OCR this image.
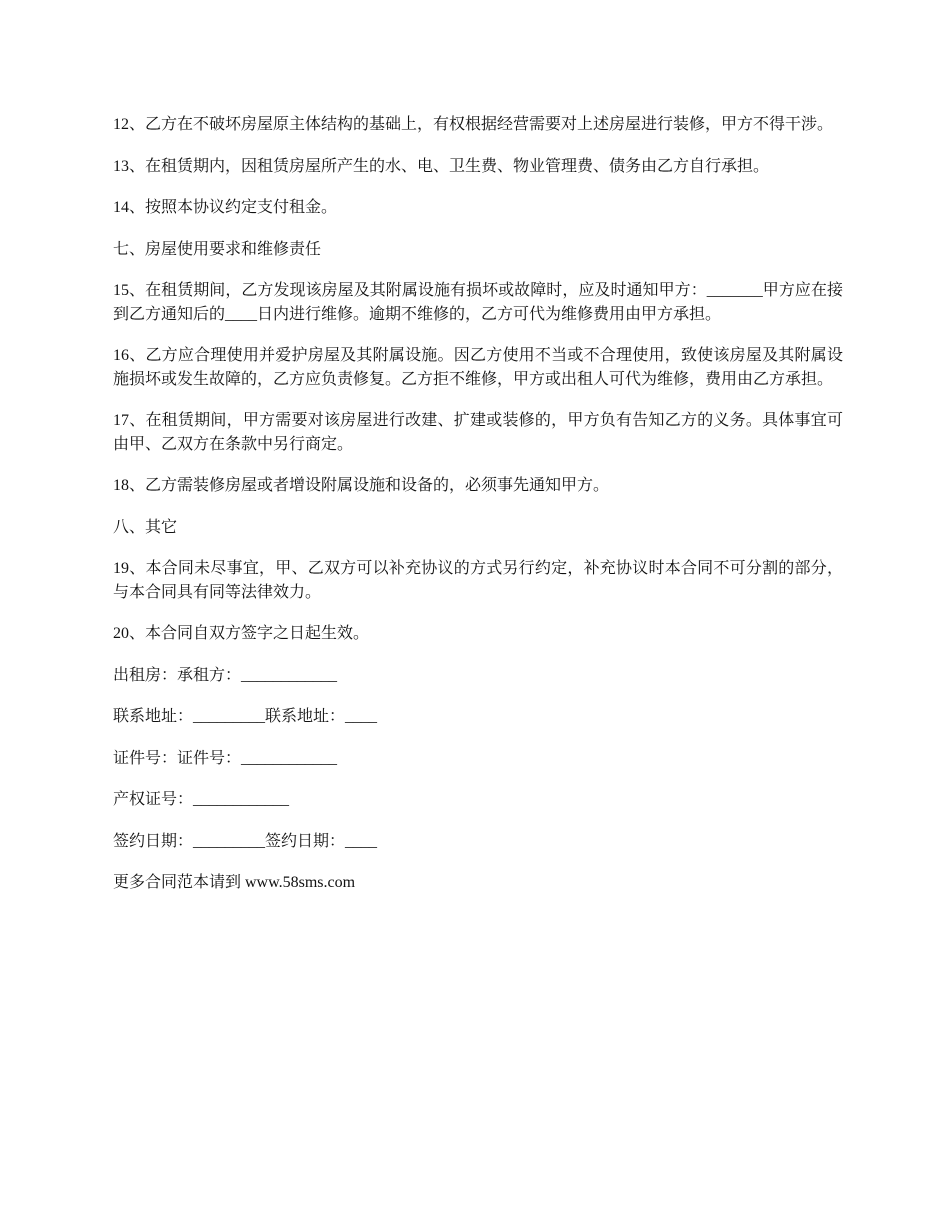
12、乙方在不破坏房屋原主体结构的基础上，有权根据经营需要对上述房屋进行装修，甲方不得干涉。

13、在租赁期内，因租赁房屋所产生的水、电、卫生费、物业管理费、债务由乙方自行承担。

14、按照本协议约定支付租金。

七、房屋使用要求和维修责任

15、在租赁期间，乙方发现该房屋及其附属设施有损坏或故障时，应及时通知甲方：_______甲方应在接到乙方通知后的____日内进行维修。逾期不维修的，乙方可代为维修费用由甲方承担。

16、乙方应合理使用并爱护房屋及其附属设施。因乙方使用不当或不合理使用，致使该房屋及其附属设施损坏或发生故障的，乙方应负责修复。乙方拒不维修，甲方或出租人可代为维修，费用由乙方承担。

17、在租赁期间，甲方需要对该房屋进行改建、扩建或装修的，甲方负有告知乙方的义务。具体事宜可由甲、乙双方在条款中另行商定。

18、乙方需装修房屋或者增设附属设施和设备的，必须事先通知甲方。

八、其它

19、本合同未尽事宜，甲、乙双方可以补充协议的方式另行约定，补充协议时本合同不可分割的部分，与本合同具有同等法律效力。

20、本合同自双方签字之日起生效。

出租房：承租方：____________

联系地址：_________联系地址：____

证件号：证件号：____________

产权证号：____________

签约日期：_________签约日期：____

更多合同范本请到 www.58sms.com
